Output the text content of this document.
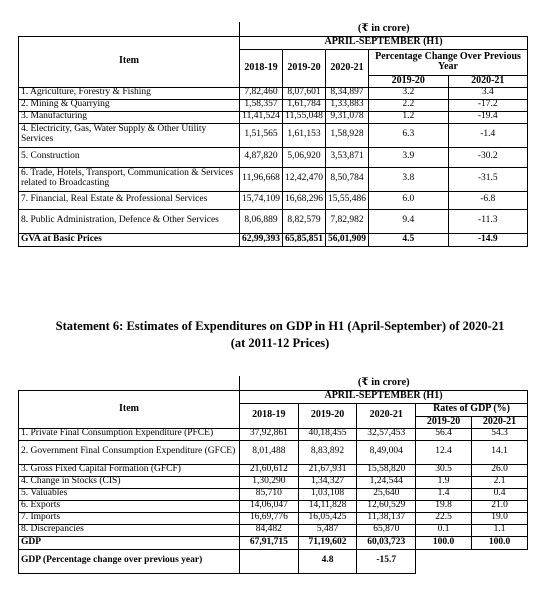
	(₹ in crore)				
Item	APRIL-SEPTEMBER (H1)				
	2018-19	2019-20	2020-21	Percentage Change Over Previous Year	
				2019-20	2020-21
1. Agriculture, Forestry & Fishing	7,82,460	8,07,601	8,34,897	3.2	3.4
2. Mining & Quarrying	1,58,357	1,61,784	1,33,883	2.2	-17.2
3. Manufacturing	11,41,524	11,55,048	9,31,078	1.2	-19.4
4. Electricity, Gas, Water Supply & Other Utility Services	1,51,565	1,61,153	1,58,928	6.3	-1.4
5. Construction	4,87,820	5,06,920	3,53,871	3.9	-30.2
6. Trade, Hotels, Transport, Communication & Services related to Broadcasting	11,96,668	12,42,470	8,50,784	3.8	-31.5
7. Financial, Real Estate & Professional Services	15,74,109	16,68,296	15,55,486	6.0	-6.8
8. Public Administration, Defence & Other Services	8,06,889	8,82,579	7,82,982	9.4	-11.3
GVA at Basic Prices	62,99,393	65,85,851	56,01,909	4.5	-14.9
Statement 6: Estimates of Expenditures on GDP in H1 (April-September) of 2020-21
(at 2011-12 Prices)
	(₹ in crore)				
Item	APRIL-SEPTEMBER (H1)				
	2018-19	2019-20	2020-21	Rates of GDP (%)	
				2019-20	2020-21
1. Private Final Consumption Expenditure (PFCE)	37,92,861	40,18,455	32,57,453	56.4	54.3
2. Government Final Consumption Expenditure (GFCE)	8,01,488	8,83,892	8,49,004	12.4	14.1
3. Gross Fixed Capital Formation (GFCF)	21,60,612	21,67,931	15,58,820	30.5	26.0
4. Change in Stocks (CIS)	1,30,290	1,34,327	1,24,544	1.9	2.1
5. Valuables	85,710	1,03,108	25,640	1.4	0.4
6. Exports	14,06,047	14,11,828	12,60,529	19.8	21.0
7. Imports	16,69,776	16,05,425	11,38,137	22.5	19.0
8. Discrepancies	84,482	5,487	65,870	0.1	1.1
GDP	67,91,715	71,19,602	60,03,723	100.0	100.0
GDP (Percentage change over previous year)		4.8	-15.7		
